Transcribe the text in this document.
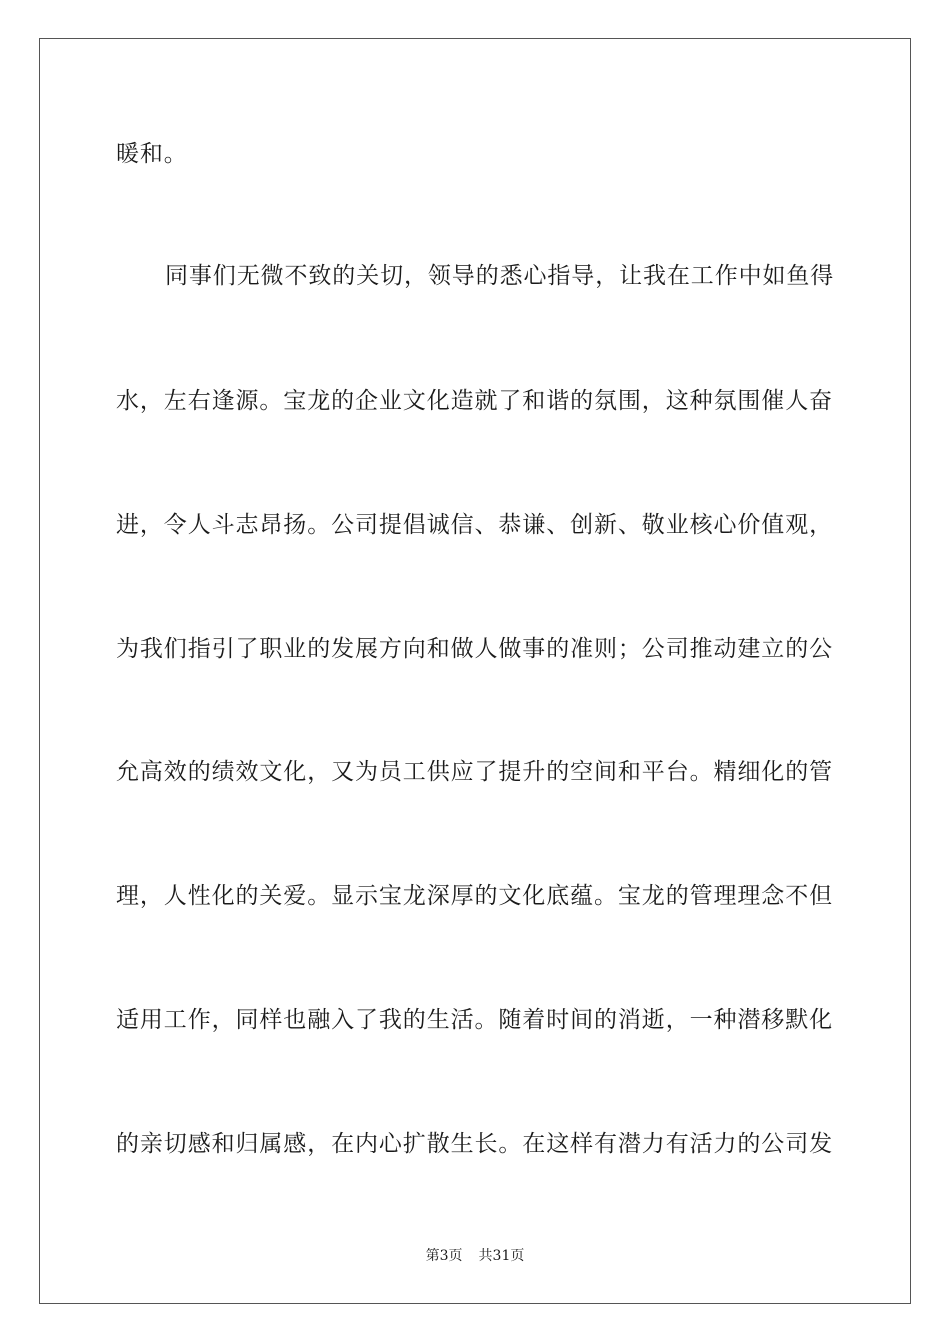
暖和。
同事们无微不致的关切，领导的悉心指导，让我在工作中如鱼得
水，左右逢源。宝龙的企业文化造就了和谐的氛围，这种氛围催人奋
进，令人斗志昂扬。公司提倡诚信、恭谦、创新、敬业核心价值观，
为我们指引了职业的发展方向和做人做事的准则；公司推动建立的公
允高效的绩效文化，又为员工供应了提升的空间和平台。精细化的管
理，人性化的关爱。显示宝龙深厚的文化底蕴。宝龙的管理理念不但
适用工作，同样也融入了我的生活。随着时间的消逝，一种潜移默化
的亲切感和归属感，在内心扩散生长。在这样有潜力有活力的公司发
第3页 共31页
